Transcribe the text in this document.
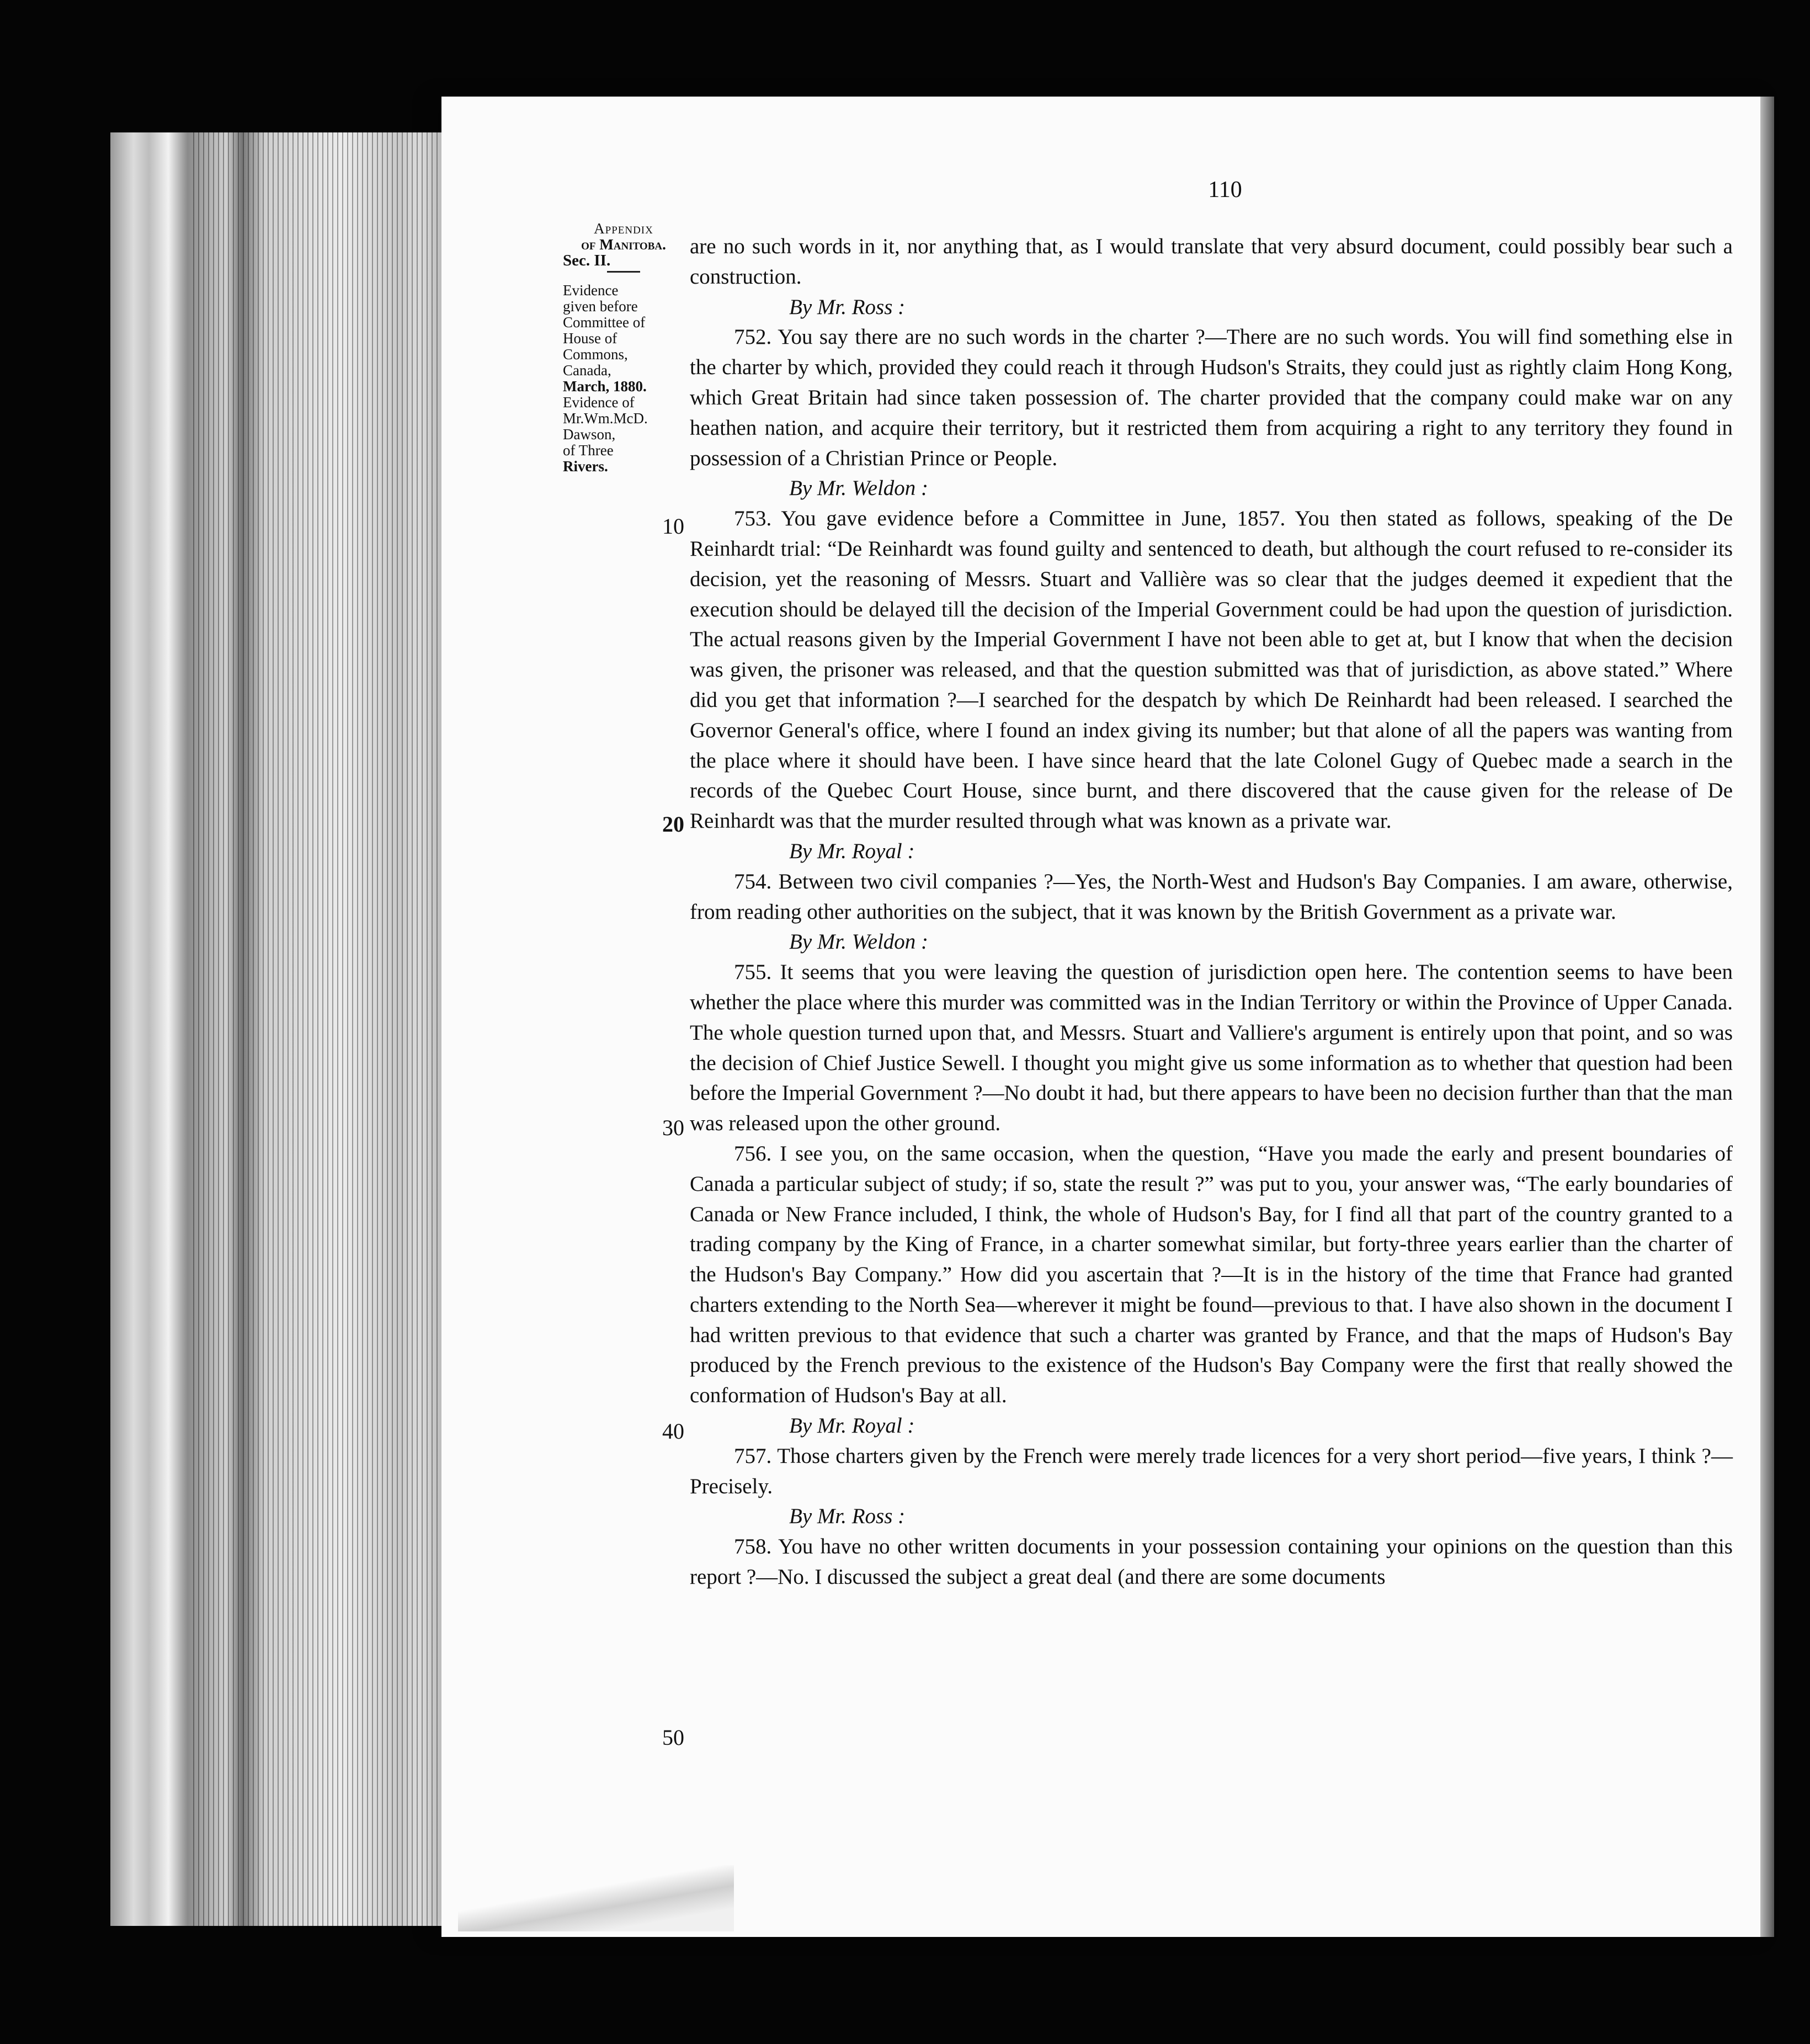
110
Appendix
of Manitoba.
Sec. II.
Evidence
given before
Committee of
House of
Commons,
Canada,
March, 1880.
Evidence of
Mr.Wm.McD.
Dawson,
of Three
Rivers.
10
20
30
40
50

are no such words in it, nor anything that, as I would translate that very absurd document, could possibly bear such a construction.

By Mr. Ross :

752. You say there are no such words in the charter ?—There are no such words. You will find something else in the charter by which, provided they could reach it through Hudson's Straits, they could just as rightly claim Hong Kong, which Great Britain had since taken possession of. The charter provided that the company could make war on any heathen nation, and acquire their territory, but it restricted them from acquiring a right to any territory they found in possession of a Christian Prince or People.

By Mr. Weldon :

753. You gave evidence before a Committee in June, 1857. You then stated as follows, speaking of the De Reinhardt trial: “De Reinhardt was found guilty and sentenced to death, but although the court refused to re-consider its decision, yet the reasoning of Messrs. Stuart and Vallière was so clear that the judges deemed it expedient that the execution should be delayed till the decision of the Imperial Government could be had upon the question of jurisdiction. The actual reasons given by the Imperial Government I have not been able to get at, but I know that when the decision was given, the prisoner was released, and that the question submitted was that of jurisdiction, as above stated.” Where did you get that information ?—I searched for the despatch by which De Reinhardt had been released. I searched the Governor General's office, where I found an index giving its number; but that alone of all the papers was wanting from the place where it should have been. I have since heard that the late Colonel Gugy of Quebec made a search in the records of the Quebec Court House, since burnt, and there discovered that the cause given for the release of De Reinhardt was that the murder resulted through what was known as a private war.

By Mr. Royal :

754. Between two civil companies ?—Yes, the North-West and Hudson's Bay Companies. I am aware, otherwise, from reading other authorities on the subject, that it was known by the British Government as a private war.

By Mr. Weldon :

755. It seems that you were leaving the question of jurisdiction open here. The contention seems to have been whether the place where this murder was committed was in the Indian Territory or within the Province of Upper Canada. The whole question turned upon that, and Messrs. Stuart and Valliere's argument is entirely upon that point, and so was the decision of Chief Justice Sewell. I thought you might give us some information as to whether that question had been before the Imperial Government ?—No doubt it had, but there appears to have been no decision further than that the man was released upon the other ground.

756. I see you, on the same occasion, when the question, “Have you made the early and present boundaries of Canada a particular subject of study; if so, state the result ?” was put to you, your answer was, “The early boundaries of Canada or New France included, I think, the whole of Hudson's Bay, for I find all that part of the country granted to a trading company by the King of France, in a charter somewhat similar, but forty-three years earlier than the charter of the Hudson's Bay Company.” How did you ascertain that ?—It is in the history of the time that France had granted charters extending to the North Sea—wherever it might be found—previous to that. I have also shown in the document I had written previous to that evidence that such a charter was granted by France, and that the maps of Hudson's Bay produced by the French previous to the existence of the Hudson's Bay Company were the first that really showed the conformation of Hudson's Bay at all.

By Mr. Royal :

757. Those charters given by the French were merely trade licences for a very short period—five years, I think ?—Precisely.

By Mr. Ross :

758. You have no other written documents in your possession containing your opinions on the question than this report ?—No. I discussed the subject a great deal (and there are some documents
